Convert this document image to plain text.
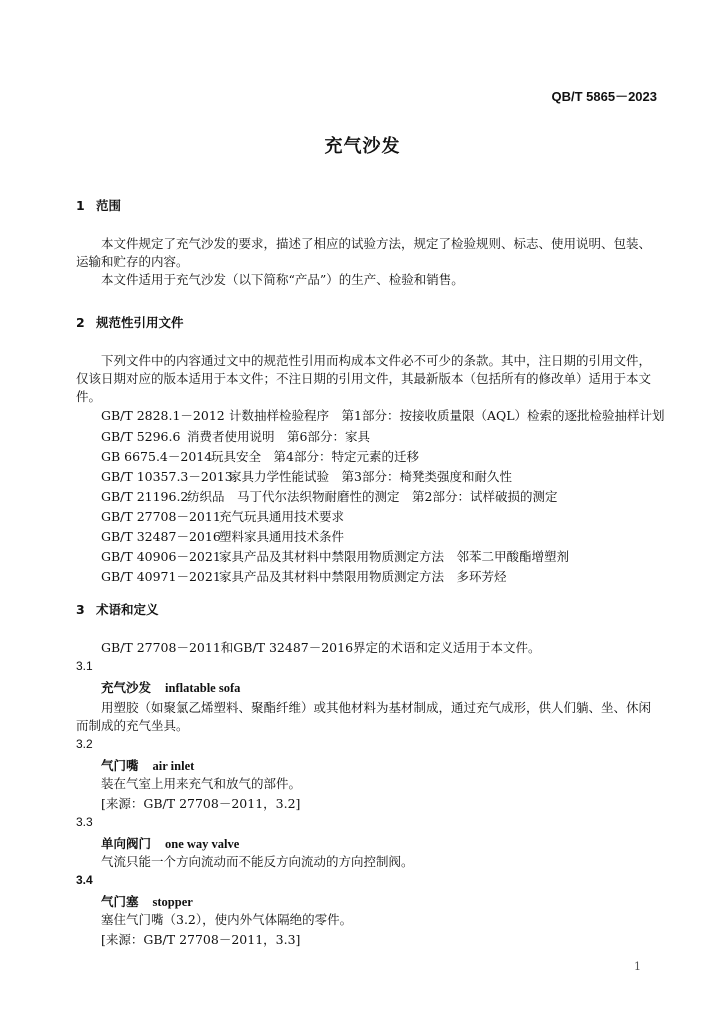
QB/T 5865－2023
充气沙发
1 范围
本文件规定了充气沙发的要求，描述了相应的试验方法，规定了检验规则、标志、使用说明、包装、运输和贮存的内容。
本文件适用于充气沙发（以下简称“产品”）的生产、检验和销售。
2 规范性引用文件
下列文件中的内容通过文中的规范性引用而构成本文件必不可少的条款。其中，注日期的引用文件，仅该日期对应的版本适用于本文件；不注日期的引用文件，其最新版本（包括所有的修改单）适用于本文件。
GB/T 2828.1－2012 计数抽样检验程序　第1部分：按接收质量限（AQL）检索的逐批检验抽样计划
GB/T 5296.6 消费者使用说明　第6部分：家具
GB 6675.4－2014玩具安全　第4部分：特定元素的迁移
GB/T 10357.3－2013家具力学性能试验　第3部分：椅凳类强度和耐久性
GB/T 21196.2纺织品　马丁代尔法织物耐磨性的测定　第2部分：试样破损的测定
GB/T 27708－2011充气玩具通用技术要求
GB/T 32487－2016塑料家具通用技术条件
GB/T 40906－2021家具产品及其材料中禁限用物质测定方法　邻苯二甲酸酯增塑剂
GB/T 40971－2021家具产品及其材料中禁限用物质测定方法　多环芳烃
3 术语和定义
GB/T 27708－2011和GB/T 32487－2016界定的术语和定义适用于本文件。
3.1
充气沙发 inflatable sofa
用塑胶（如聚氯乙烯塑料、聚酯纤维）或其他材料为基材制成，通过充气成形，供人们躺、坐、休闲而制成的充气坐具。
3.2
气门嘴 air inlet
装在气室上用来充气和放气的部件。
[来源：GB/T 27708－2011，3.2]
3.3
单向阀门 one way valve
气流只能一个方向流动而不能反方向流动的方向控制阀。
3.4
气门塞 stopper
塞住气门嘴（3.2），使内外气体隔绝的零件。
[来源：GB/T 27708－2011，3.3]
1
